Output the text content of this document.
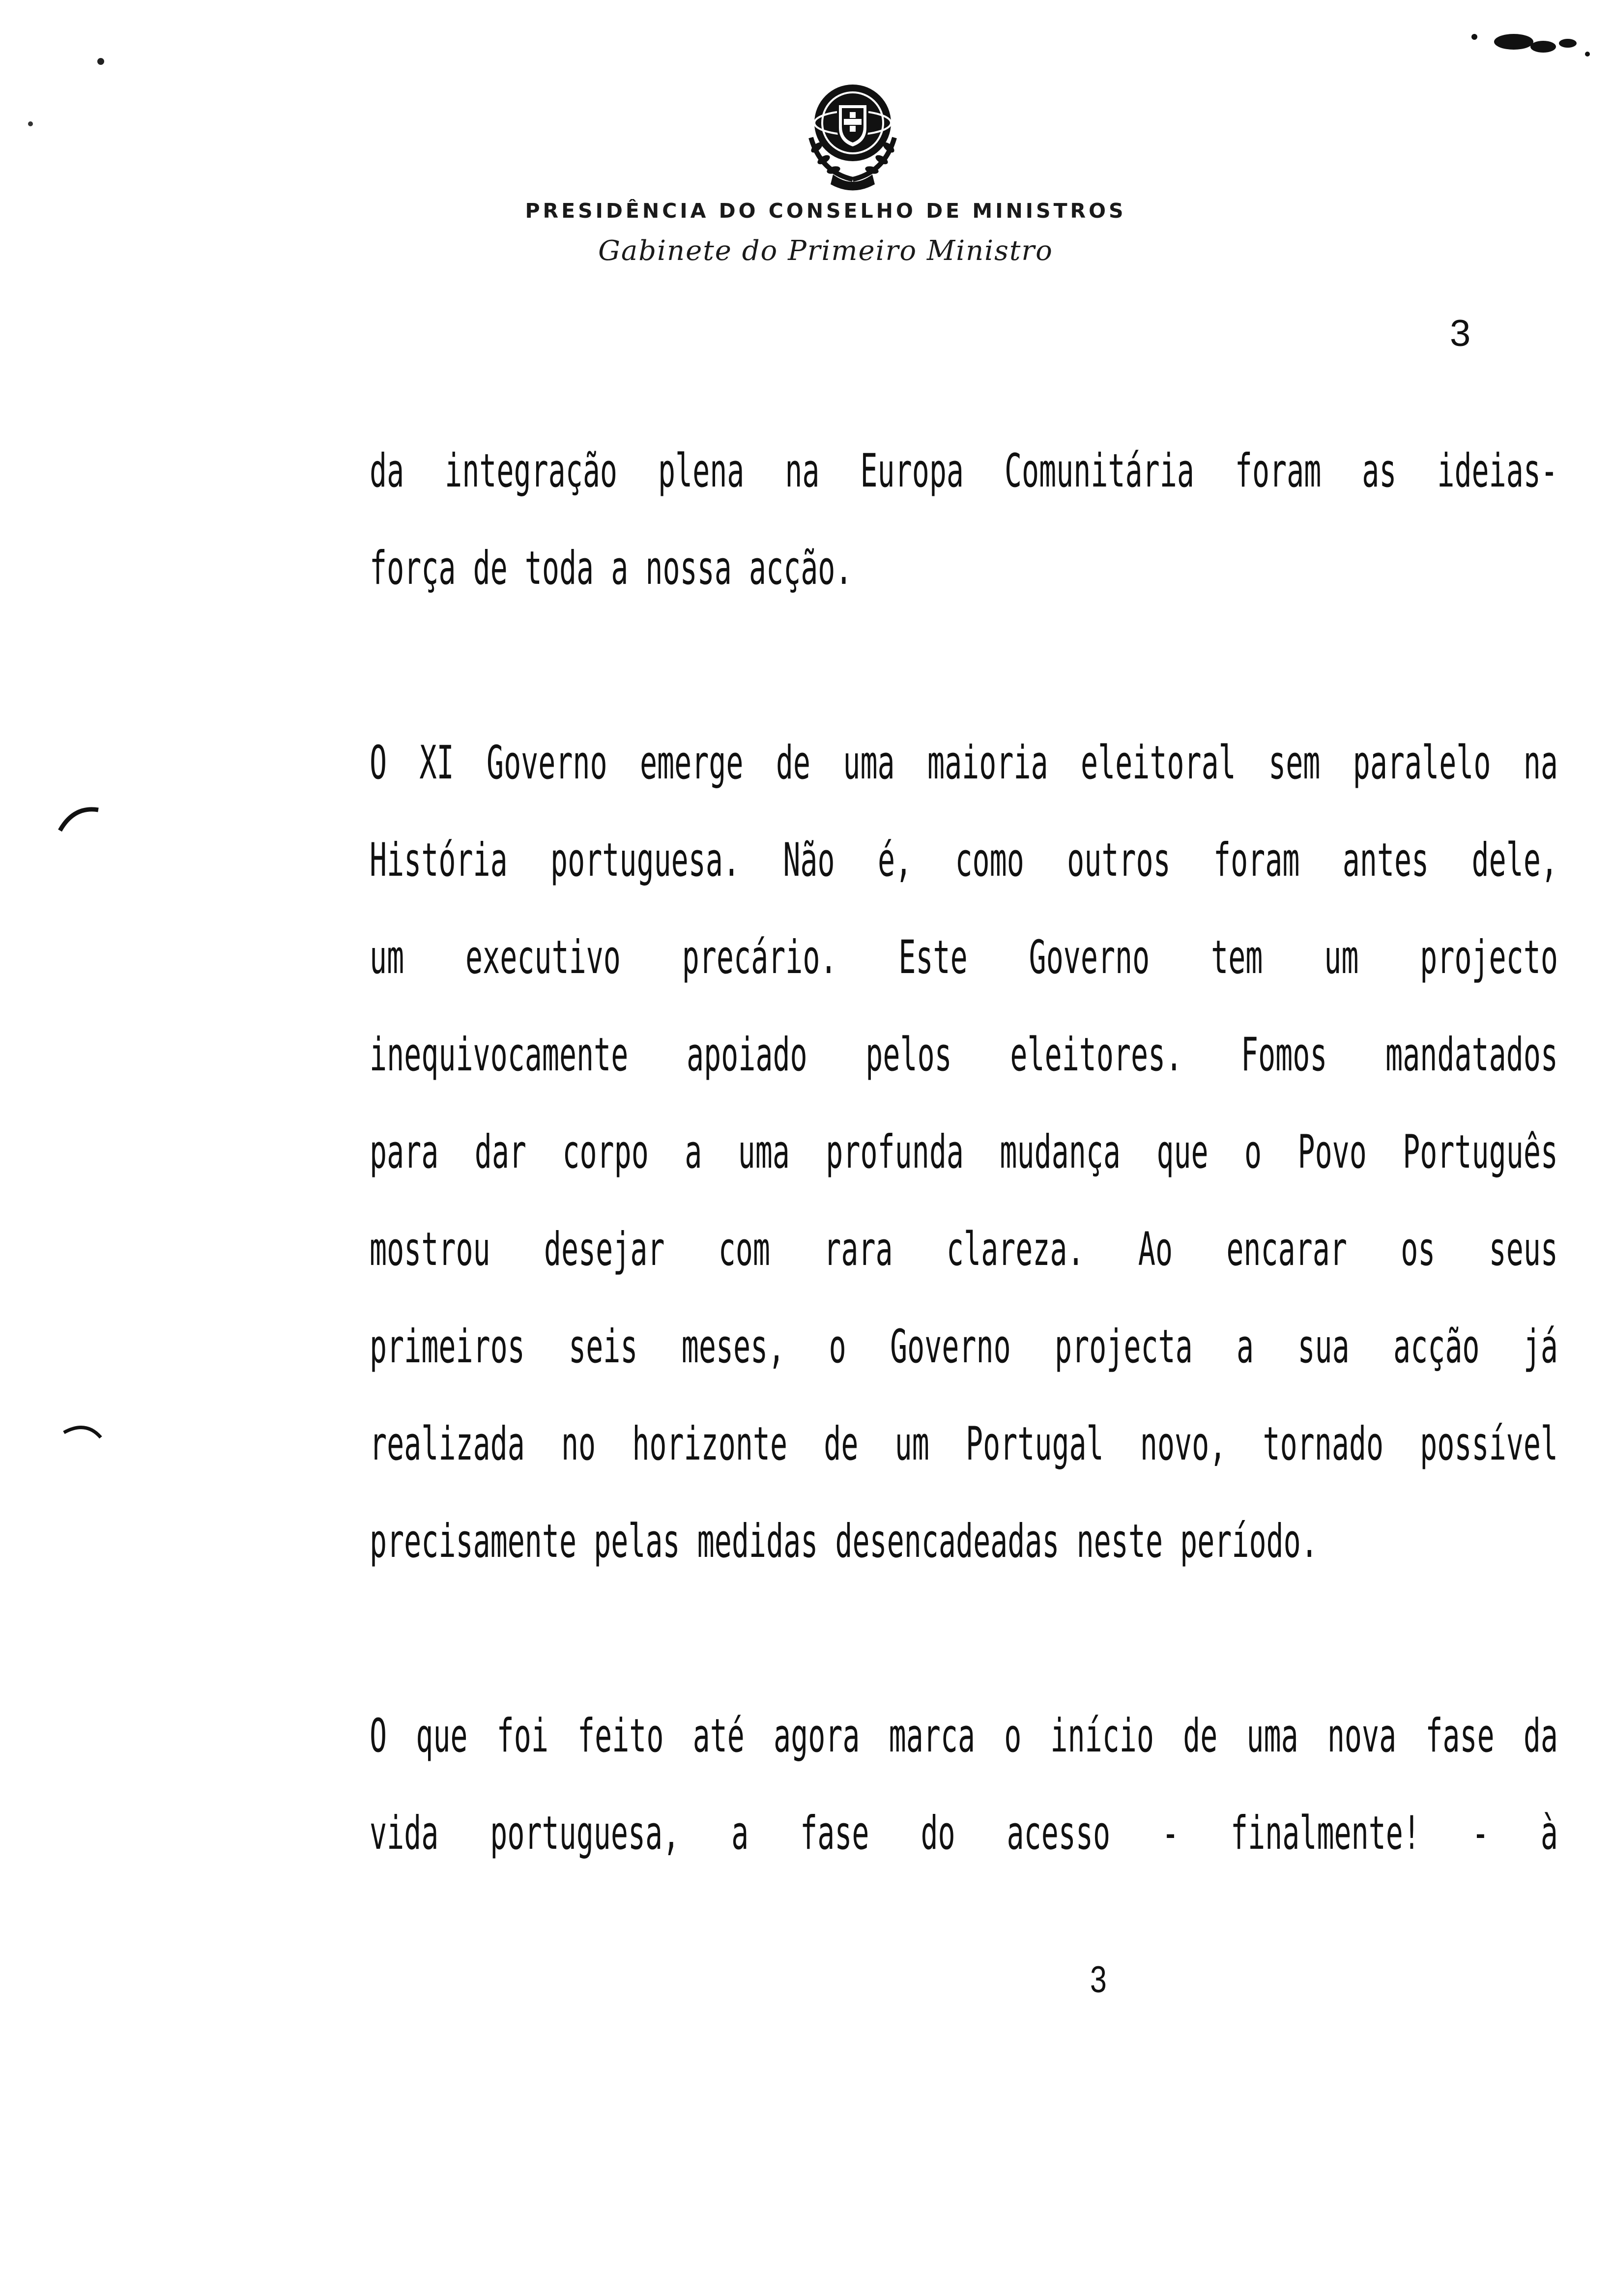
PRESIDÊNCIA DO CONSELHO DE MINISTROS
Gabinete do Primeiro Ministro
3

da integração plena na Europa Comunitária foram as ideias-
força de toda a nossa acção.

O XI Governo emerge de uma maioria eleitoral sem paralelo na
História portuguesa. Não é, como outros foram antes dele,
um executivo precário. Este Governo tem um projecto
inequivocamente apoiado pelos eleitores. Fomos mandatados
para dar corpo a uma profunda mudança que o Povo Português
mostrou desejar com rara clareza. Ao encarar os seus
primeiros seis meses, o Governo projecta a sua acção já
realizada no horizonte de um Portugal novo, tornado possível
precisamente pelas medidas desencadeadas neste período.

O que foi feito até agora marca o início de uma nova fase da
vida portuguesa, a fase do acesso - finalmente! - à

3
